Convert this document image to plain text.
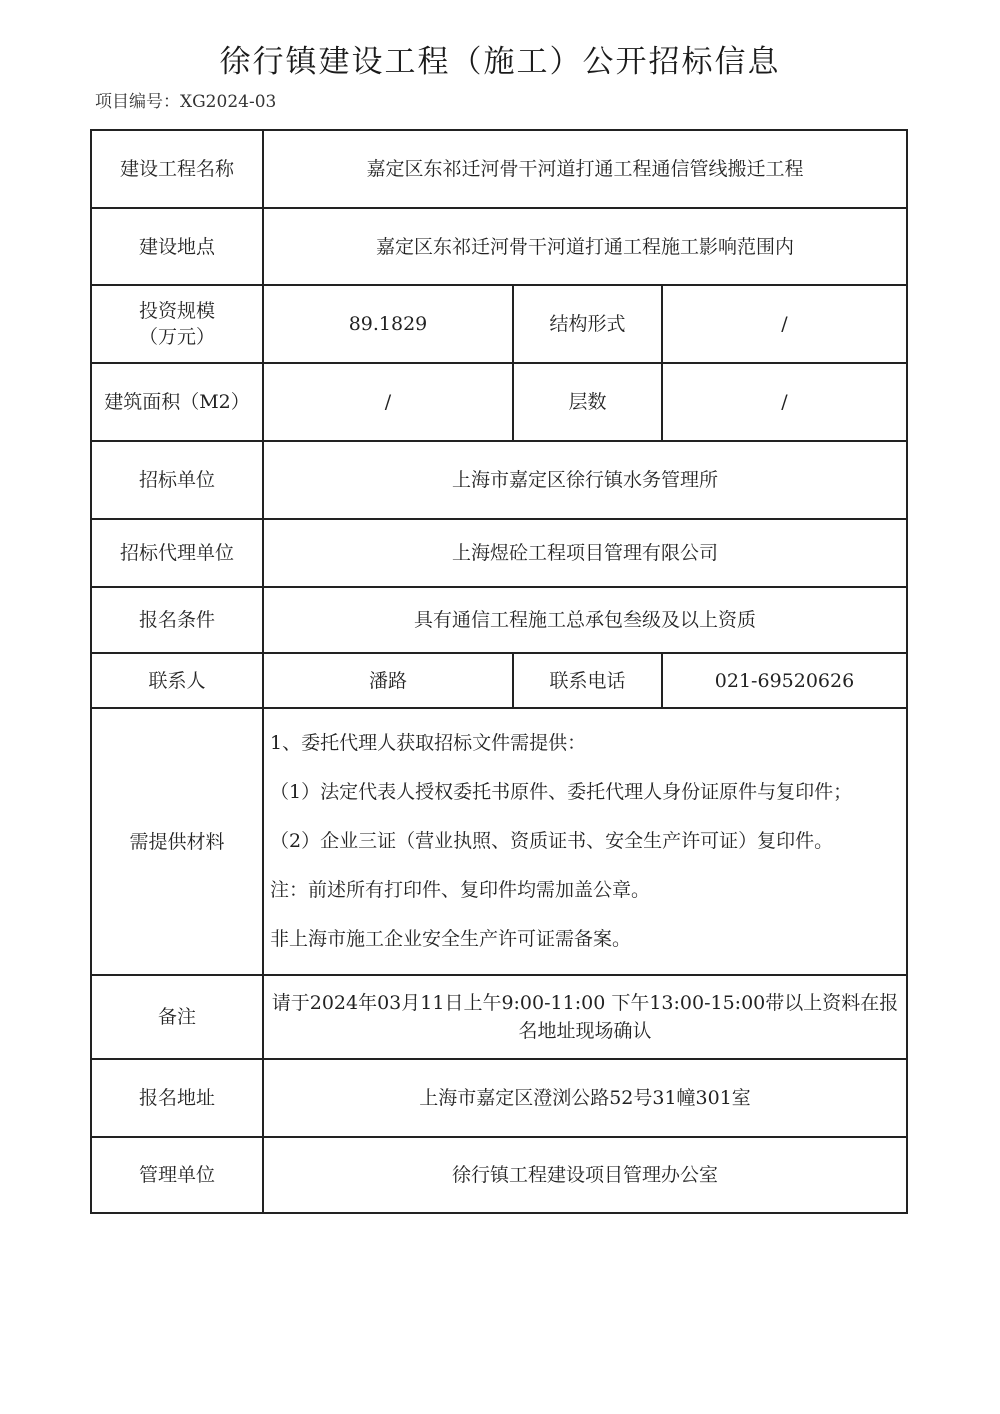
徐行镇建设工程（施工）公开招标信息
项目编号：XG2024-03
建设工程名称	嘉定区东祁迁河骨干河道打通工程通信管线搬迁工程		
建设地点	嘉定区东祁迁河骨干河道打通工程施工影响范围内		

投资规模
（万元）	89.1829	结构形式	/
建筑面积（M2）	/	层数	/
招标单位	上海市嘉定区徐行镇水务管理所		
招标代理单位	上海煜砼工程项目管理有限公司		
报名条件	具有通信工程施工总承包叁级及以上资质		
联系人	潘路	联系电话	021-69520626
需提供材料	1、委托代理人获取招标文件需提供：

（1）法定代表人授权委托书原件、委托代理人身份证原件与复印件；

（2）企业三证（营业执照、资质证书、安全生产许可证）复印件。

注：前述所有打印件、复印件均需加盖公章。

非上海市施工企业安全生产许可证需备案。		

备注	请于2024年03月11日上午9:00-11:00 下午13:00-15:00带以上资料在报名地址现场确认		
报名地址	上海市嘉定区澄浏公路52号31幢301室		
管理单位	徐行镇工程建设项目管理办公室		
